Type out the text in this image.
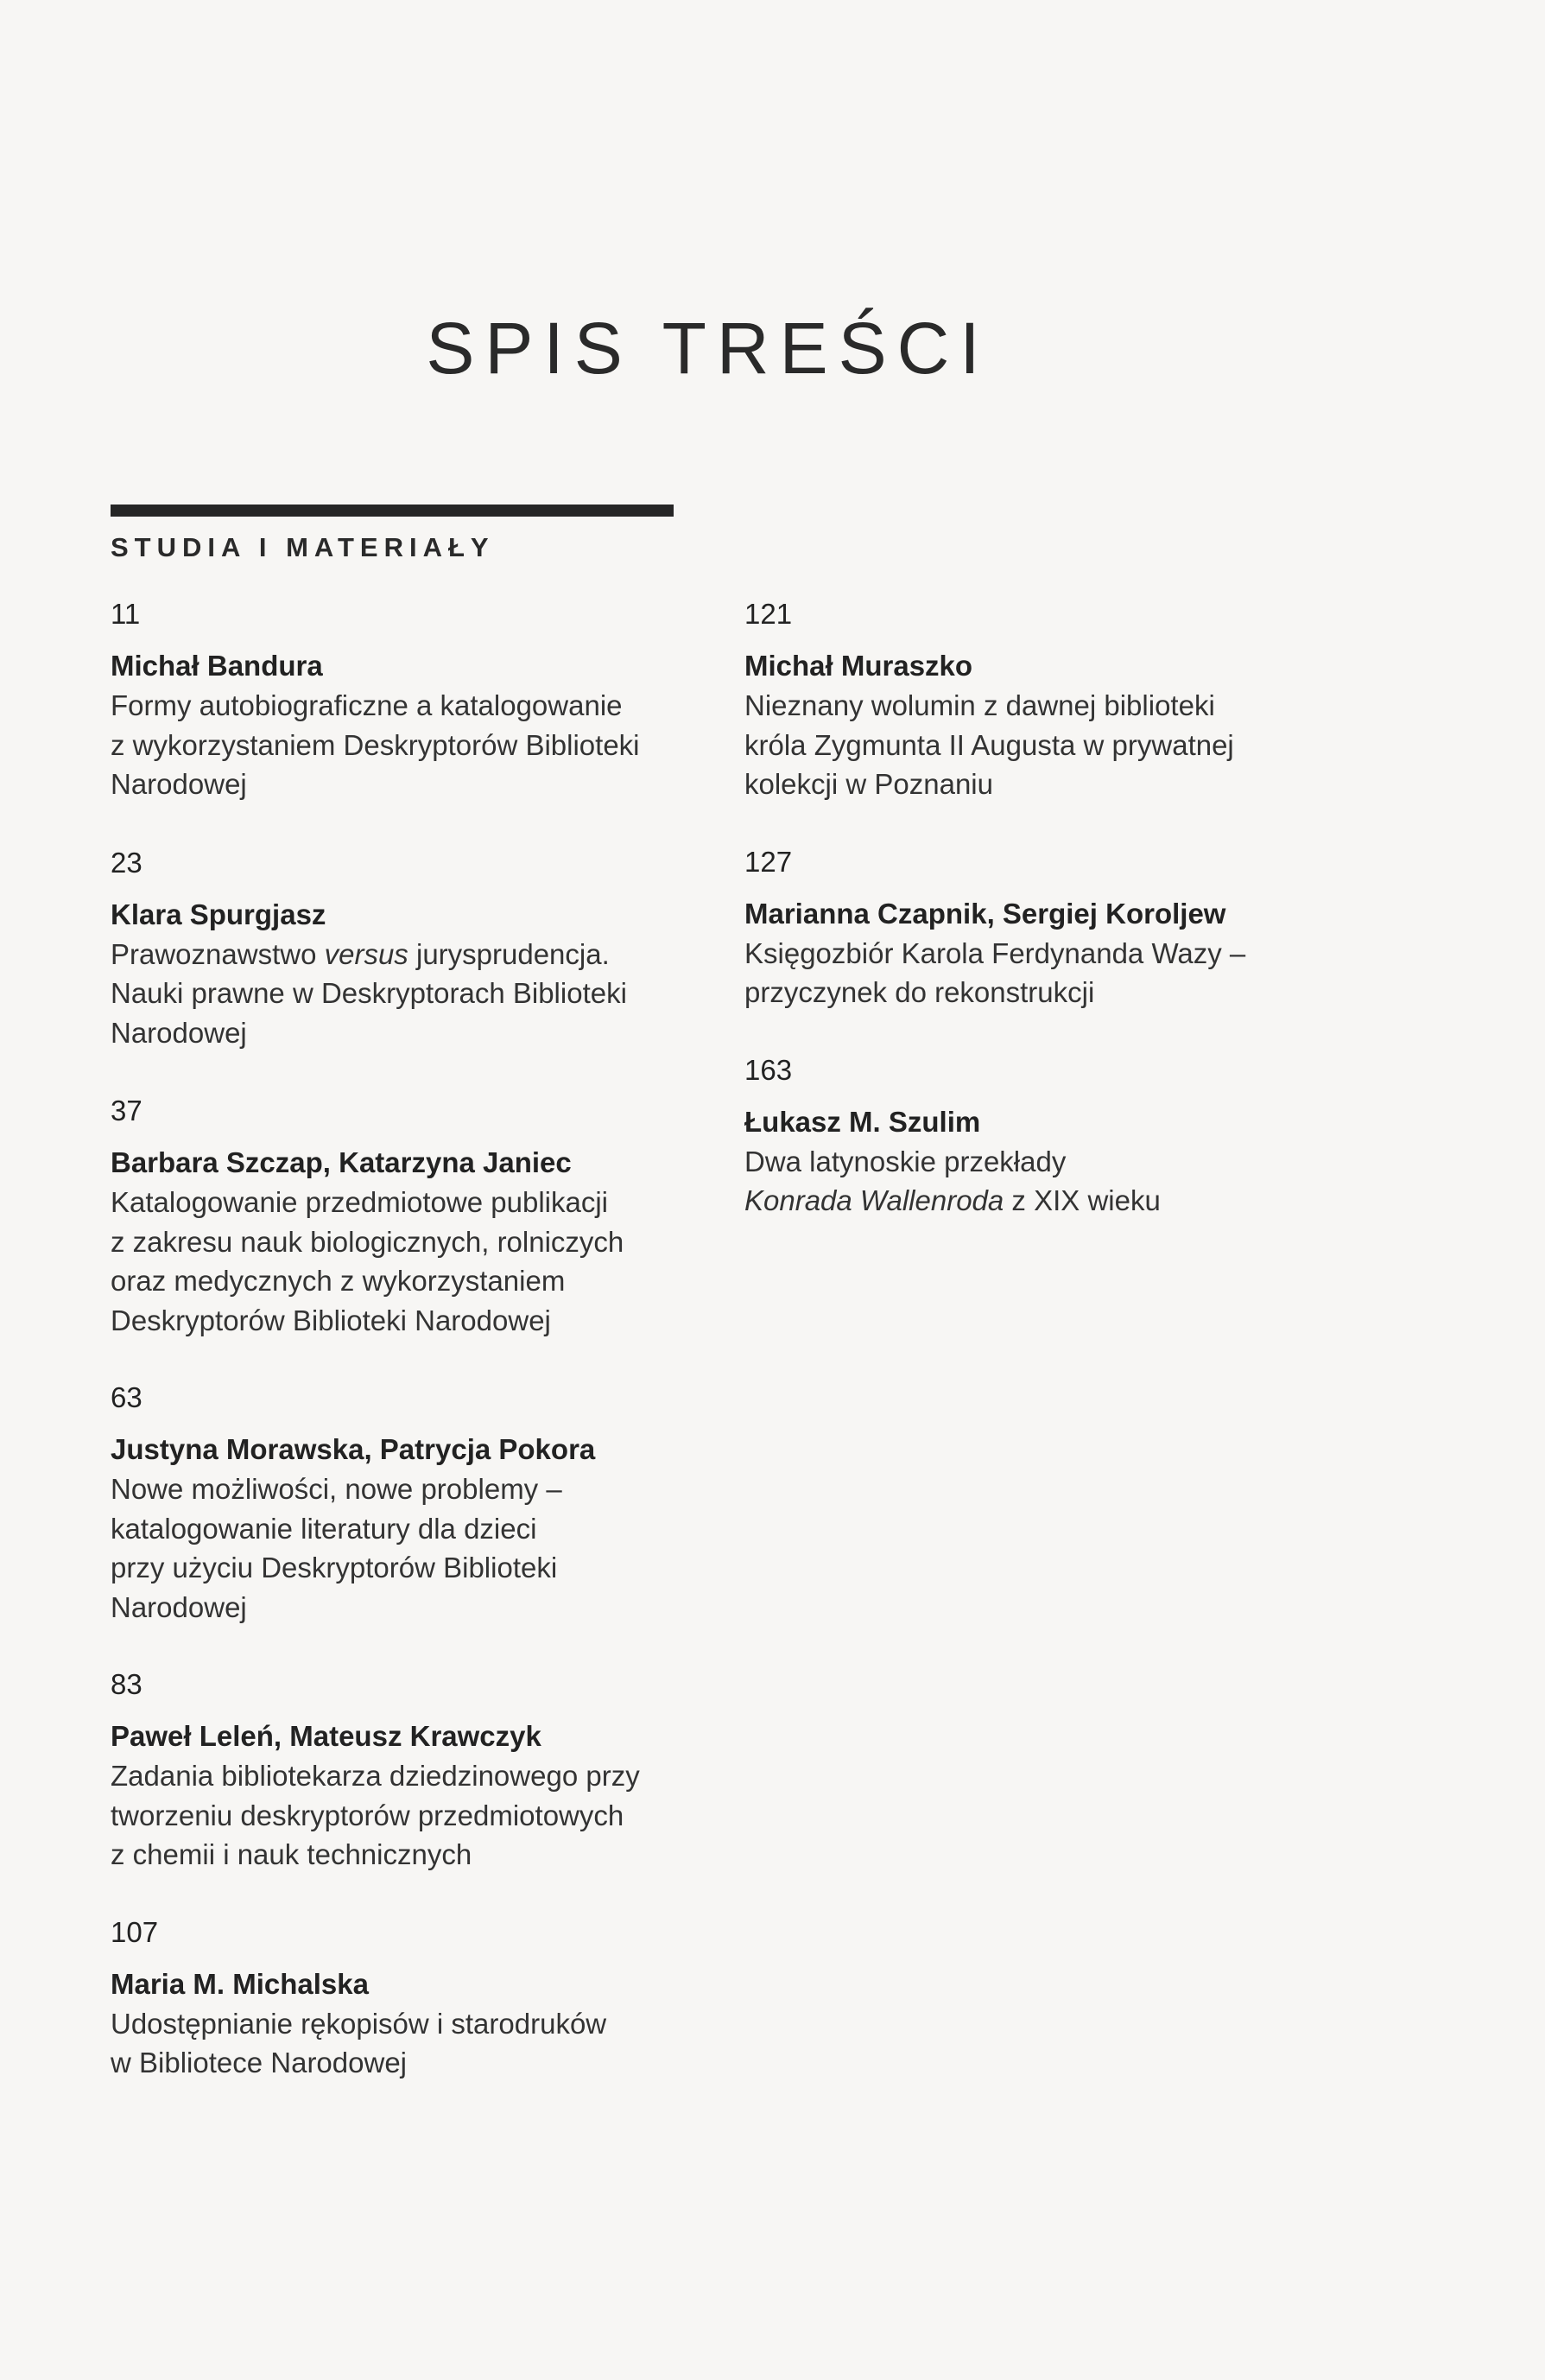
SPIS TREŚCI
STUDIA I MATERIAŁY
11
Michał Bandura
Formy autobiograficzne a katalogowanie
z wykorzystaniem Deskryptorów Biblioteki
Narodowej
23
Klara Spurgjasz
Prawoznawstwo versus jurysprudencja.
Nauki prawne w Deskryptorach Biblioteki
Narodowej
37
Barbara Szczap, Katarzyna Janiec
Katalogowanie przedmiotowe publikacji
z zakresu nauk biologicznych, rolniczych
oraz medycznych z wykorzystaniem
Deskryptorów Biblioteki Narodowej
63
Justyna Morawska, Patrycja Pokora
Nowe możliwości, nowe problemy –
katalogowanie literatury dla dzieci
przy użyciu Deskryptorów Biblioteki
Narodowej
83
Paweł Leleń, Mateusz Krawczyk
Zadania bibliotekarza dziedzinowego przy
tworzeniu deskryptorów przedmiotowych
z chemii i nauk technicznych
107
Maria M. Michalska
Udostępnianie rękopisów i starodruków
w Bibliotece Narodowej
121
Michał Muraszko
Nieznany wolumin z dawnej biblioteki
króla Zygmunta II Augusta w prywatnej
kolekcji w Poznaniu
127
Marianna Czapnik, Sergiej Koroljew
Księgozbiór Karola Ferdynanda Wazy –
przyczynek do rekonstrukcji
163
Łukasz M. Szulim
Dwa latynoskie przekłady
Konrada Wallenroda z XIX wieku
